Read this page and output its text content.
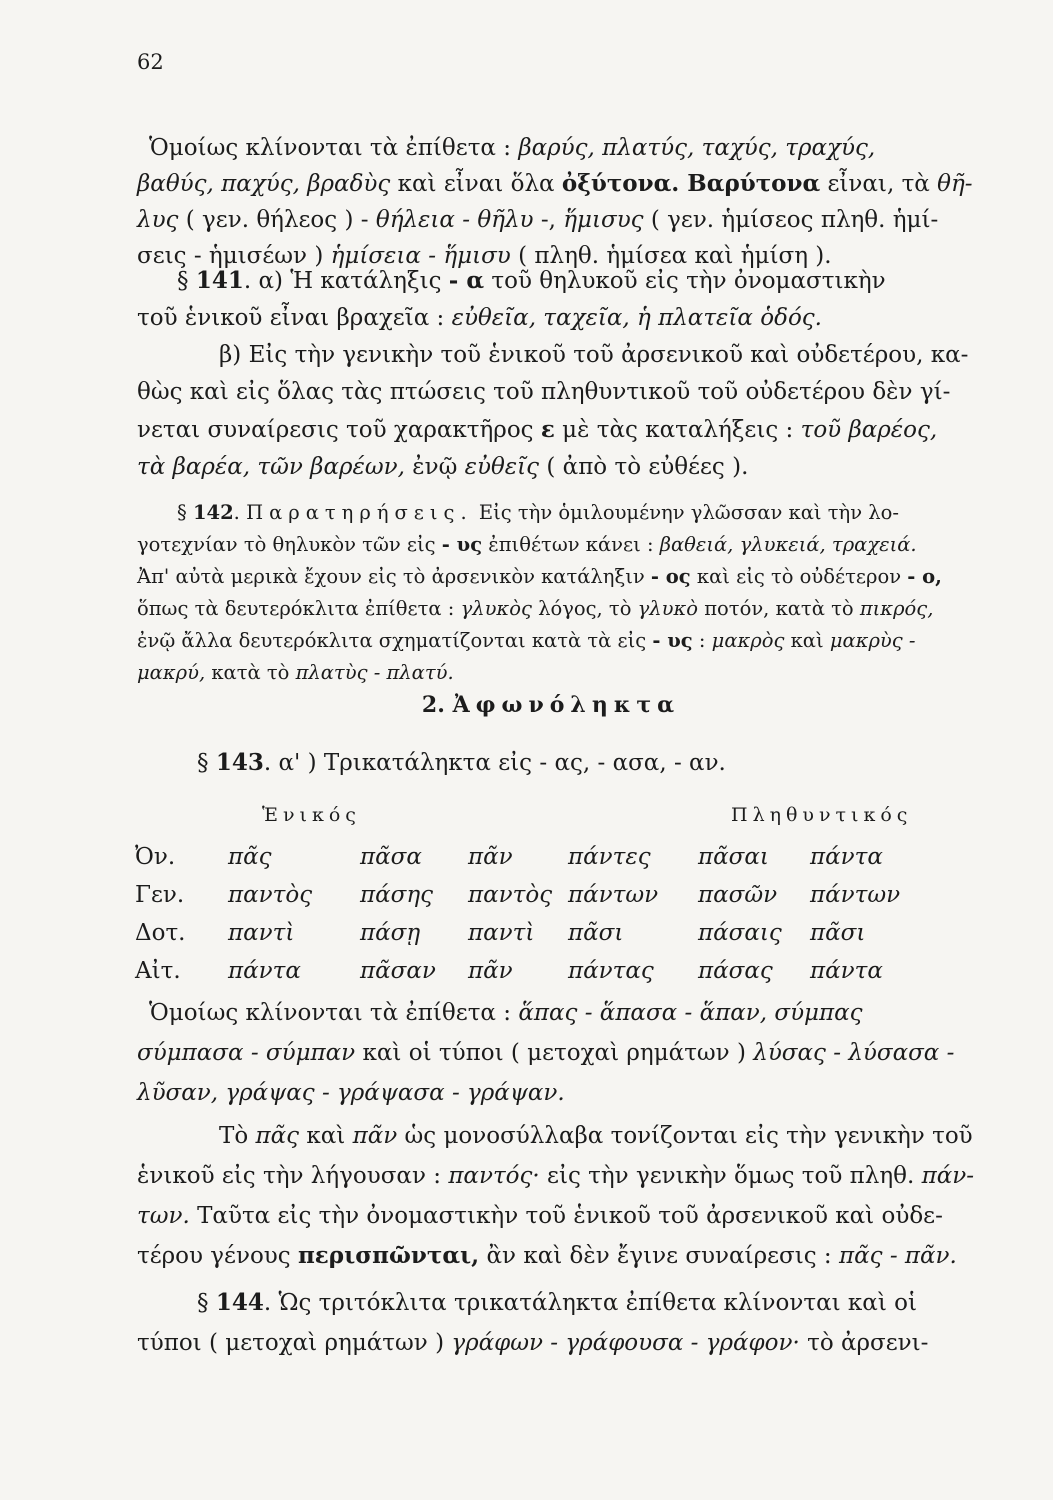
62
Ὁμοίως κλίνονται τὰ ἐπίθετα : βαρύς, πλατύς, ταχύς, τραχύς,
βαθύς, παχύς, βραδὺς καὶ εἶναι ὅλα ὀξύτονα. Βαρύτονα εἶναι, τὰ θῆ-
λυς ( γεν. θήλεος ) - θήλεια - θῆλυ -, ἥμισυς ( γεν. ἡμίσεος πληθ. ἡμί-
σεις - ἡμισέων ) ἡμίσεια - ἥμισυ ( πληθ. ἡμίσεα καὶ ἡμίση ).
§ 141. α) Ἡ κατάληξις - α τοῦ θηλυκοῦ εἰς τὴν ὀνομαστικὴν
τοῦ ἑνικοῦ εἶναι βραχεῖα : εὐθεῖα, ταχεῖα, ἡ πλατεῖα ὁδός.
β) Εἰς τὴν γενικὴν τοῦ ἑνικοῦ τοῦ ἀρσενικοῦ καὶ οὐδετέρου, κα-
θὼς καὶ εἰς ὅλας τὰς πτώσεις τοῦ πληθυντικοῦ τοῦ οὐδετέρου δὲν γί-
νεται συναίρεσις τοῦ χαρακτῆρος ε μὲ τὰς καταλήξεις : τοῦ βαρέος,
τὰ βαρέα, τῶν βαρέων, ἐνῷ εὐθεῖς ( ἀπὸ τὸ εὐθέες ).
§ 142. Παρατηρήσεις. Εἰς τὴν ὁμιλουμένην γλῶσσαν καὶ τὴν λο-
γοτεχνίαν τὸ θηλυκὸν τῶν εἰς - υς ἐπιθέτων κάνει : βαθειά, γλυκειά, τραχειά.
Ἀπ' αὐτὰ μερικὰ ἔχουν εἰς τὸ ἀρσενικὸν κατάληξιν - ος καὶ εἰς τὸ οὐδέτερον - ο,
ὅπως τὰ δευτερόκλιτα ἐπίθετα : γλυκὸς λόγος, τὸ γλυκὸ ποτόν, κατὰ τὸ πικρός,
ἐνῷ ἄλλα δευτερόκλιτα σχηματίζονται κατὰ τὰ εἰς - υς : μακρὸς καὶ μακρὺς -
μακρύ, κατὰ τὸ πλατὺς - πλατύ.
2. Ἀφωνόληκτα
§ 143. α' ) Τρικατάληκτα εἰς - ας, - ασα, - αν.
Ἑνικός	Πληθυντικός
Ὀν.	πᾶς	πᾶσα	πᾶν	πάντες	πᾶσαι	πάντα
Γεν.	παντὸς	πάσης	παντὸς	πάντων	πασῶν	πάντων
Δοτ.	παντὶ	πάσῃ	παντὶ	πᾶσι	πάσαις	πᾶσι
Αἰτ.	πάντα	πᾶσαν	πᾶν	πάντας	πάσας	πάντα
Ὁμοίως κλίνονται τὰ ἐπίθετα : ἅπας - ἅπασα - ἅπαν, σύμπας
σύμπασα - σύμπαν καὶ οἱ τύποι ( μετοχαὶ ρημάτων ) λύσας - λύσασα -
λῦσαν, γράψας - γράψασα - γράψαν.
Τὸ πᾶς καὶ πᾶν ὡς μονοσύλλαβα τονίζονται εἰς τὴν γενικὴν τοῦ
ἑνικοῦ εἰς τὴν λήγουσαν : παντός· εἰς τὴν γενικὴν ὅμως τοῦ πληθ. πάν-
των. Ταῦτα εἰς τὴν ὀνομαστικὴν τοῦ ἑνικοῦ τοῦ ἀρσενικοῦ καὶ οὐδε-
τέρου γένους περισπῶνται, ἂν καὶ δὲν ἔγινε συναίρεσις : πᾶς - πᾶν.
§ 144. Ὡς τριτόκλιτα τρικατάληκτα ἐπίθετα κλίνονται καὶ οἱ
τύποι ( μετοχαὶ ρημάτων ) γράφων - γράφουσα - γράφον· τὸ ἀρσενι-
